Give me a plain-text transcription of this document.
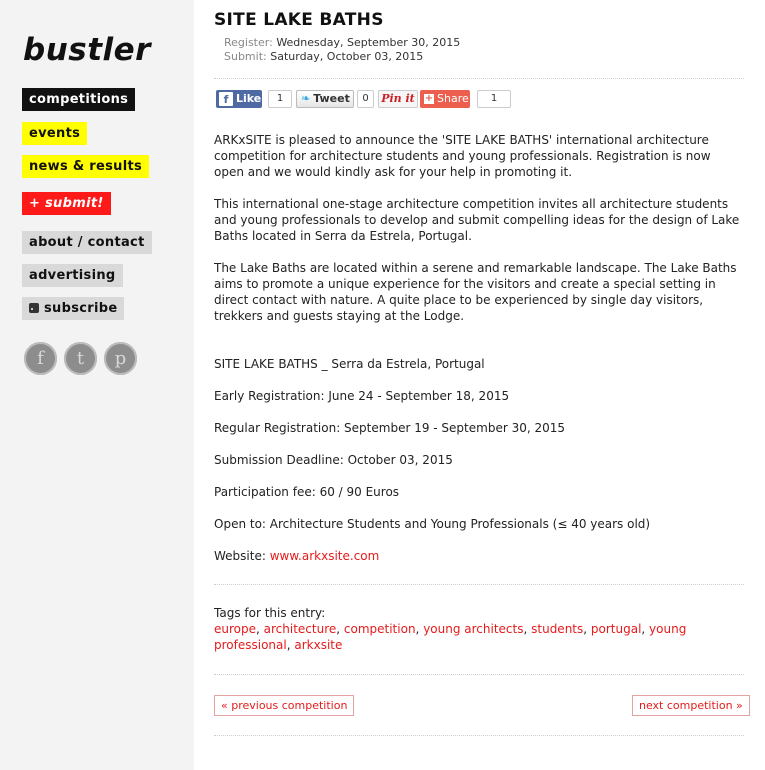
bustler
competitions
events
news & results
+ submit!
about / contact
advertising
subscribe
f	t	p
SITE LAKE BATHS
Register: Wednesday, September 30, 2015
Submit: Saturday, October 03, 2015
f Like	1	❧ Tweet	0	Pin it	+ Share	1
ARKxSITE is pleased to announce the 'SITE LAKE BATHS' international architecture competition for architecture students and young professionals. Registration is now open and we would kindly ask for your help in promoting it.
This international one-stage architecture competition invites all architecture students and young professionals to develop and submit compelling ideas for the design of Lake Baths located in Serra da Estrela, Portugal.
The Lake Baths are located within a serene and remarkable landscape. The Lake Baths aims to promote a unique experience for the visitors and create a special setting in direct contact with nature. A quite place to be experienced by single day visitors, trekkers and guests staying at the Lodge.
SITE LAKE BATHS _ Serra da Estrela, Portugal
Early Registration: June 24 - September 18, 2015
Regular Registration: September 19 - September 30, 2015
Submission Deadline: October 03, 2015
Participation fee: 60 / 90 Euros
Open to: Architecture Students and Young Professionals (≤ 40 years old)
Website: www.arkxsite.com
Tags for this entry:
europe, architecture, competition, young architects, students, portugal, young professional, arkxsite
« previous competition	next competition »
